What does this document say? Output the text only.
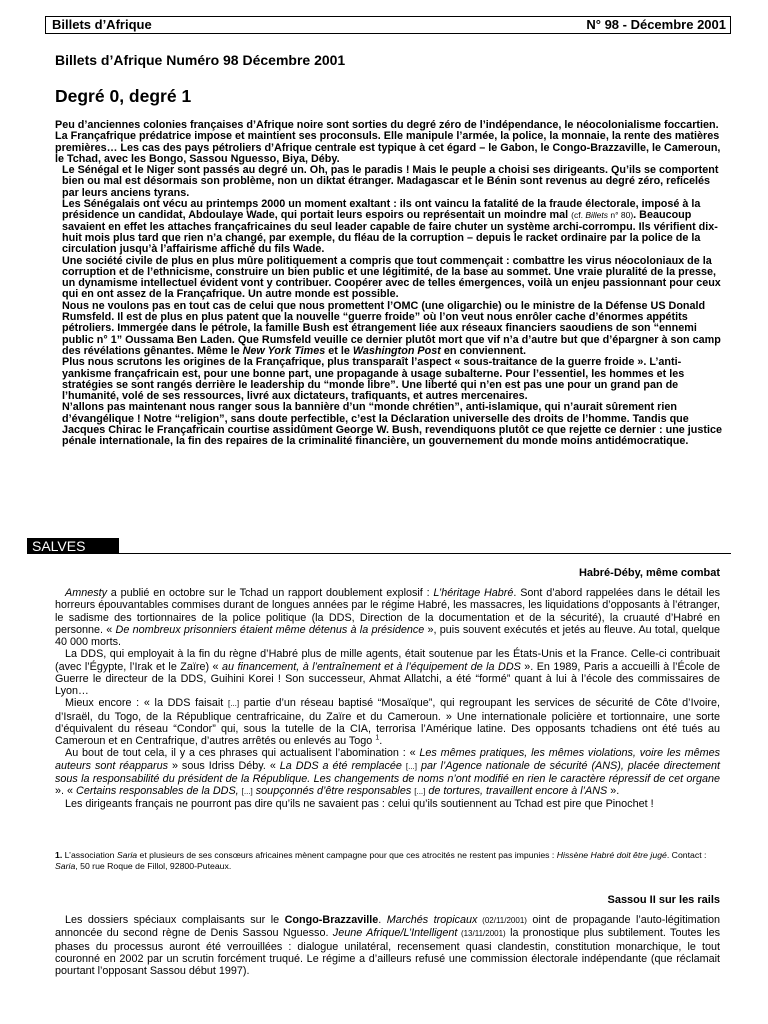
Billets d’Afrique	N° 98 - Décembre 2001
Billets d’Afrique Numéro 98 Décembre 2001
Degré 0, degré 1

Peu d’anciennes colonies françaises d’Afrique noire sont sorties du degré zéro de l’indépendance, le néocolonialisme foccartien. La Françafrique prédatrice impose et maintient ses proconsuls. Elle manipule l’armée, la police, la monnaie, la rente des matières premières… Les cas des pays pétroliers d’Afrique centrale est typique à cet égard – le Gabon, le Congo-Brazzaville, le Cameroun, le Tchad, avec les Bongo, Sassou Nguesso, Biya, Déby.

Le Sénégal et le Niger sont passés au degré un. Oh, pas le paradis ! Mais le peuple a choisi ses dirigeants. Qu’ils se comportent bien ou mal est désormais son problème, non un diktat étranger. Madagascar et le Bénin sont revenus au degré zéro, reficelés par leurs anciens tyrans.

Les Sénégalais ont vécu au printemps 2000 un moment exaltant : ils ont vaincu la fatalité de la fraude électorale, imposé à la présidence un candidat, Abdoulaye Wade, qui portait leurs espoirs ou représentait un moindre mal (cf. Billets n° 80). Beaucoup savaient en effet les attaches françafricaines du seul leader capable de faire chuter un système archi-corrompu. Ils vérifient dix-huit mois plus tard que rien n’a changé, par exemple, du fléau de la corruption – depuis le racket ordinaire par la police de la circulation jusqu’à l’affairisme affiché du fils Wade.

Une société civile de plus en plus mûre politiquement a compris que tout commençait : combattre les virus néocoloniaux de la corruption et de l’ethnicisme, construire un bien public et une légitimité, de la base au sommet. Une vraie pluralité de la presse, un dynamisme intellectuel évident vont y contribuer. Coopérer avec de telles émergences, voilà un enjeu passionnant pour ceux qui en ont assez de la Françafrique. Un autre monde est possible.

Nous ne voulons pas en tout cas de celui que nous promettent l’OMC (une oligarchie) ou le ministre de la Défense US Donald Rumsfeld. Il est de plus en plus patent que la nouvelle “guerre froide” où l’on veut nous enrôler cache d’énormes appétits pétroliers. Immergée dans le pétrole, la famille Bush est étrangement liée aux réseaux financiers saoudiens de son “ennemi public n° 1” Oussama Ben Laden. Que Rumsfeld veuille ce dernier plutôt mort que vif n’a d’autre but que d’épargner à son camp des révélations gênantes. Même le New York Times et le Washington Post en conviennent.

Plus nous scrutons les origines de la Françafrique, plus transparaît l’aspect « sous-traitance de la guerre froide ». L’anti-yankisme françafricain est, pour une bonne part, une propagande à usage subalterne. Pour l’essentiel, les hommes et les stratégies se sont rangés derrière le leadership du “monde libre”. Une liberté qui n’en est pas une pour un grand pan de l’humanité, volé de ses ressources, livré aux dictateurs, trafiquants, et autres mercenaires.

N’allons pas maintenant nous ranger sous la bannière d’un “monde chrétien”, anti-islamique, qui n’aurait sûrement rien d’évangélique ! Notre “religion”, sans doute perfectible, c’est la Déclaration universelle des droits de l’homme. Tandis que Jacques Chirac le Françafricain courtise assidûment George W. Bush, revendiquons plutôt ce que rejette ce dernier : une justice pénale internationale, la fin des repaires de la criminalité financière, un gouvernement du monde moins antidémocratique.

SALVES
Habré-Déby, même combat

Amnesty a publié en octobre sur le Tchad un rapport doublement explosif : L’héritage Habré. Sont d’abord rappelées dans le détail les horreurs épouvantables commises durant de longues années par le régime Habré, les massacres, les liquidations d’opposants à l’étranger, le sadisme des tortionnaires de la police politique (la DDS, Direction de la documentation et de la sécurité), la cruauté d’Habré en personne. « De nombreux prisonniers étaient même détenus à la présidence », puis souvent exécutés et jetés au fleuve. Au total, quelque 40 000 morts.

La DDS, qui employait à la fin du règne d’Habré plus de mille agents, était soutenue par les États-Unis et la France. Celle-ci contribuait (avec l’Égypte, l’Irak et le Zaïre) « au financement, à l’entraînement et à l’équipement de la DDS ». En 1989, Paris a accueilli à l’École de Guerre le directeur de la DDS, Guihini Korei ! Son successeur, Ahmat Allatchi, a été “formé” quant à lui à l’école des commissaires de Lyon…

Mieux encore : « la DDS faisait [...] partie d’un réseau baptisé “Mosaïque”, qui regroupant les services de sécurité de Côte d’Ivoire, d’Israël, du Togo, de la République centrafricaine, du Zaïre et du Cameroun. » Une internationale policière et tortionnaire, une sorte d’équivalent du réseau “Condor” qui, sous la tutelle de la CIA, terrorisa l’Amérique latine. Des opposants tchadiens ont été tués au Cameroun et en Centrafrique, d’autres arrêtés ou enlevés au Togo $^1$.

Au bout de tout cela, il y a ces phrases qui actualisent l’abomination : « Les mêmes pratiques, les mêmes violations, voire les mêmes auteurs sont réapparus » sous Idriss Déby. « La DDS a été remplacée [...] par l’Agence nationale de sécurité (ANS), placée directement sous la responsabilité du président de la République. Les changements de noms n’ont modifié en rien le caractère répressif de cet organe ». « Certains responsables de la DDS, [...] soupçonnés d’être responsables [...] de tortures, travaillent encore à l’ANS ».

Les dirigeants français ne pourront pas dire qu’ils ne savaient pas : celui qu’ils soutiennent au Tchad est pire que Pinochet !

1. L’association Saria et plusieurs de ses consœurs africaines mènent campagne pour que ces atrocités ne restent pas impunies : Hissène Habré doit être jugé. Contact : Saria, 50 rue Roque de Fillol, 92800-Puteaux.
Sassou II sur les rails

Les dossiers spéciaux complaisants sur le Congo-Brazzaville. Marchés tropicaux (02/11/2001) oint de propagande l’auto-légitimation annoncée du second règne de Denis Sassou Nguesso. Jeune Afrique/L’Intelligent (13/11/2001) la pronostique plus subtilement. Toutes les phases du processus auront été verrouillées : dialogue unilatéral, recensement quasi clandestin, constitution monarchique, le tout couronné en 2002 par un scrutin forcément truqué. Le régime a d’ailleurs refusé une commission électorale indépendante (que réclamait pourtant l’opposant Sassou début 1997).
